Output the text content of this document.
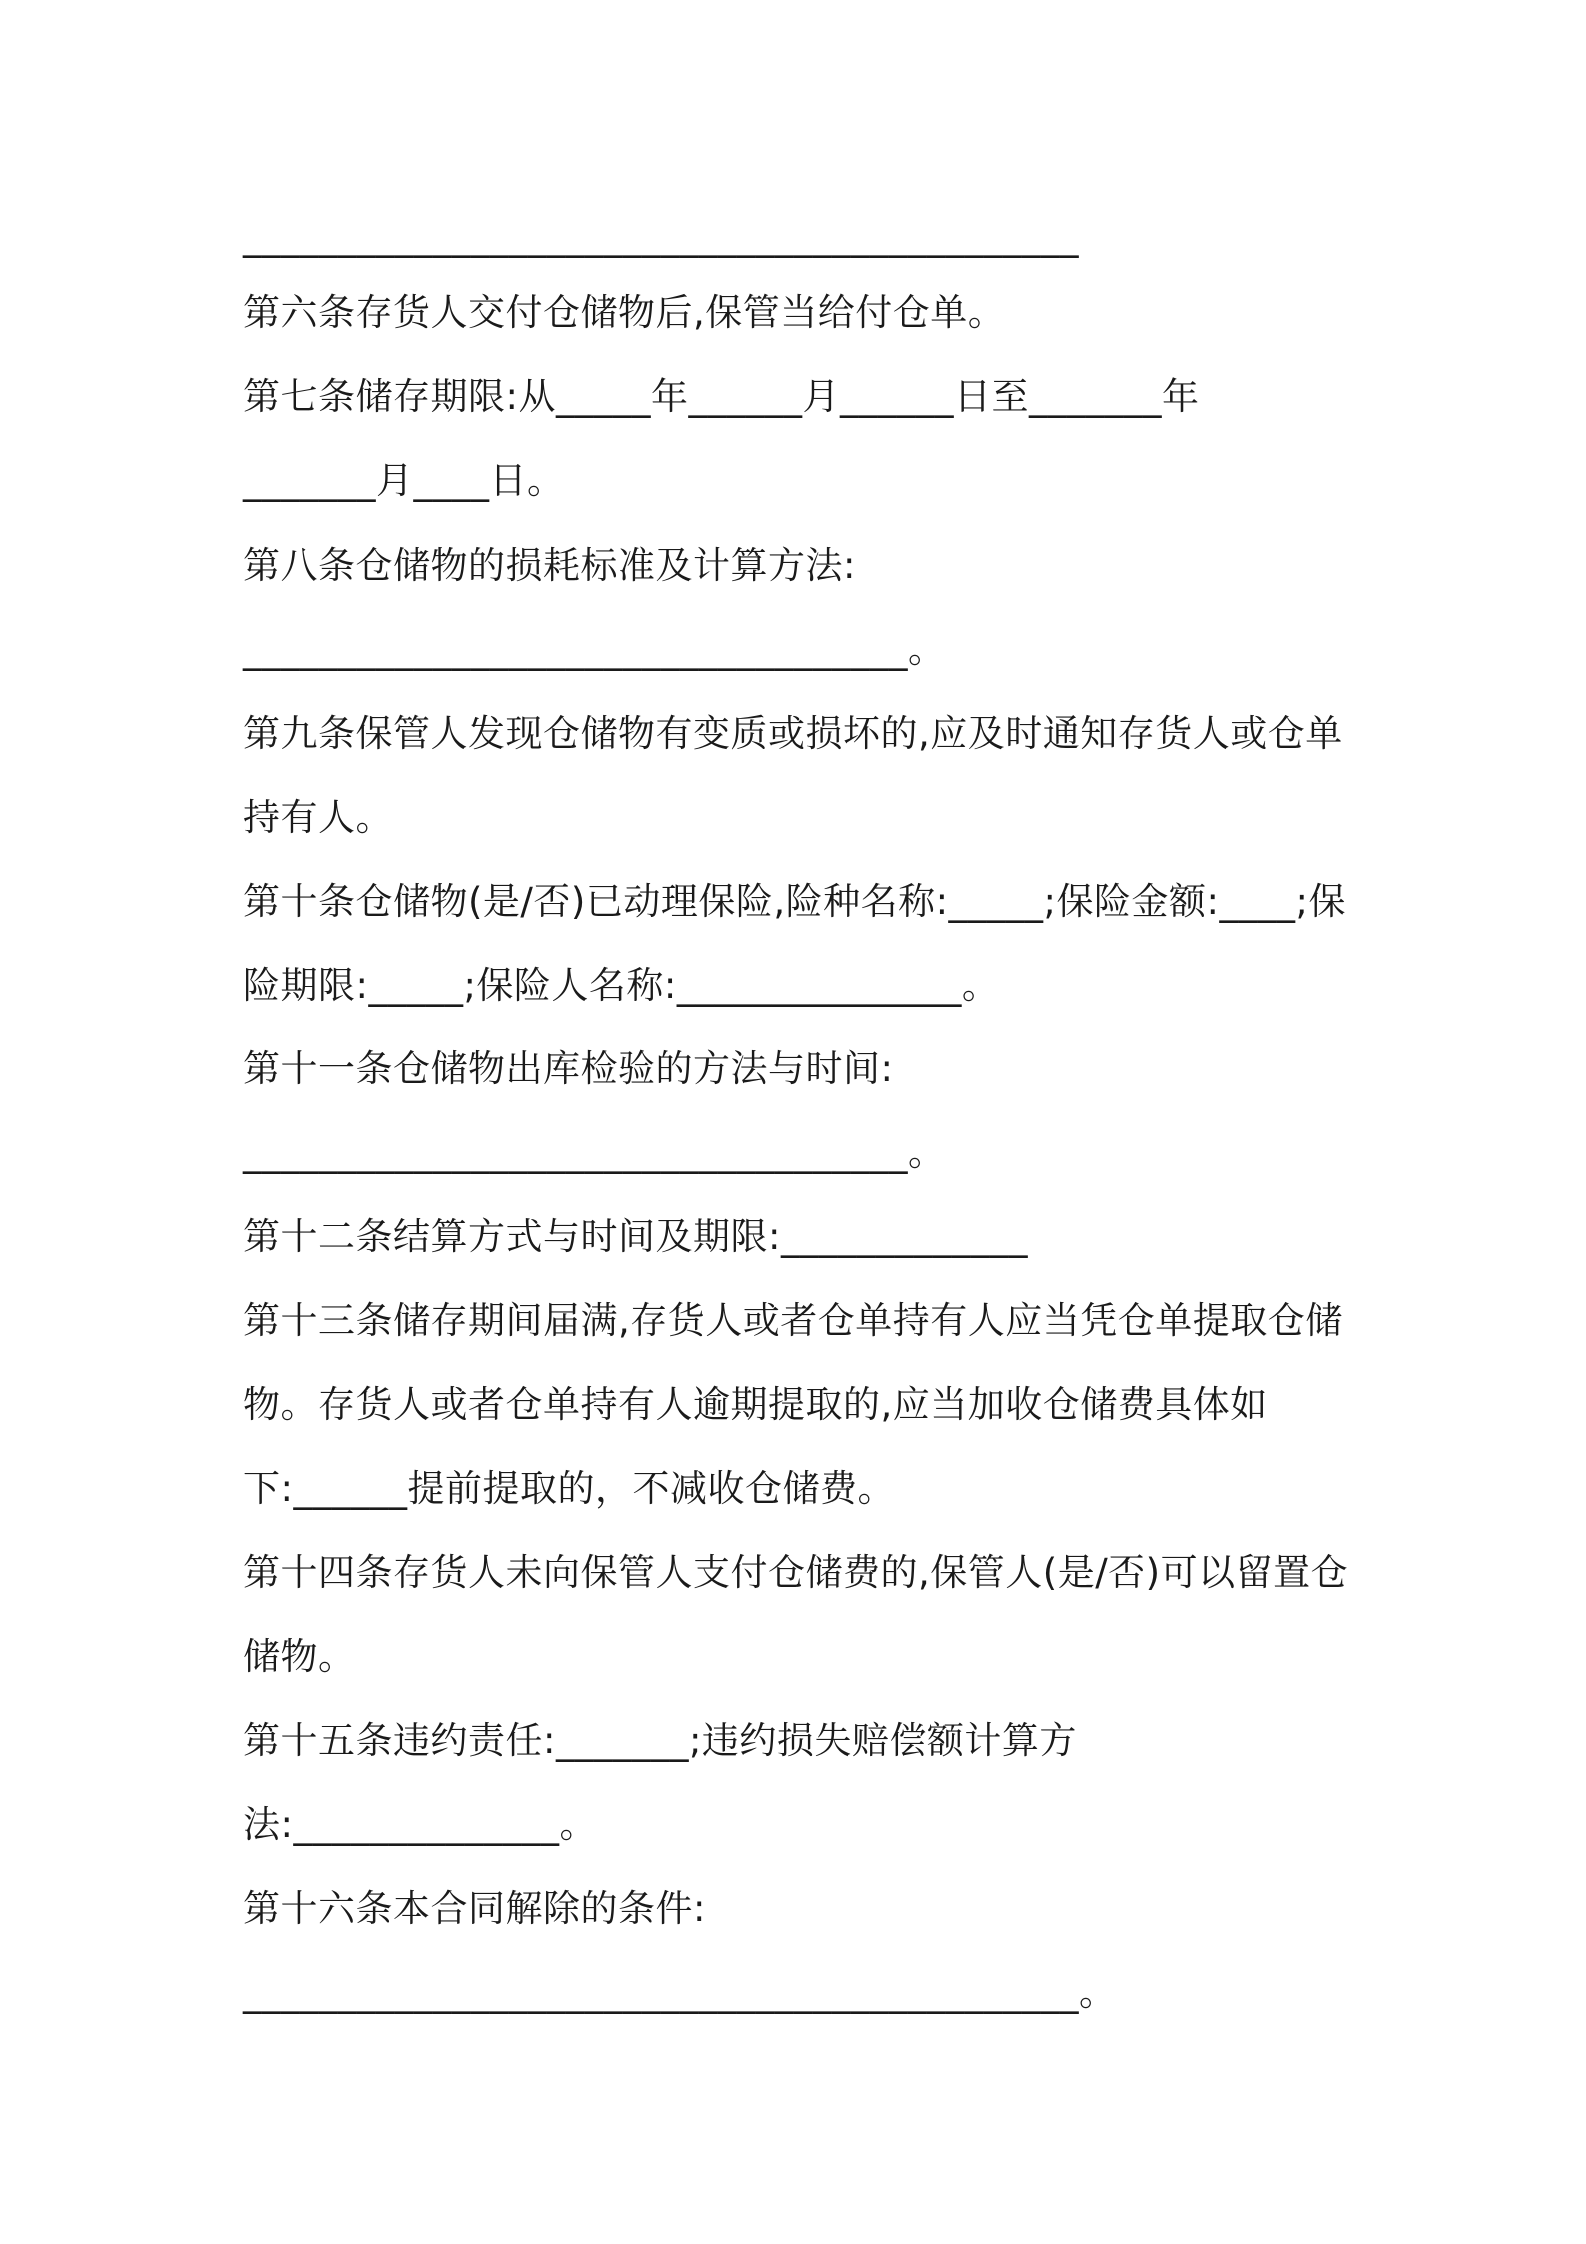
____________________________________________

第六条存货人交付仓储物后,保管当给付仓单。

第七条储存期限:从_____年______月______日至_______年

_______月____日。

第八条仓储物的损耗标准及计算方法:

___________________________________。

第九条保管人发现仓储物有变质或损坏的,应及时通知存货人或仓单

持有人。

第十条仓储物(是/否)已动理保险,险种名称:_____;保险金额:____;保

险期限:_____;保险人名称:_______________。

第十一条仓储物出库检验的方法与时间:

___________________________________。

第十二条结算方式与时间及期限:_____________

第十三条储存期间届满,存货人或者仓单持有人应当凭仓单提取仓储

物。存货人或者仓单持有人逾期提取的,应当加收仓储费具体如

下:______提前提取的，不减收仓储费。

第十四条存货人未向保管人支付仓储费的,保管人(是/否)可以留置仓

储物。

第十五条违约责任:_______;违约损失赔偿额计算方

法:______________。

第十六条本合同解除的条件:

____________________________________________。
